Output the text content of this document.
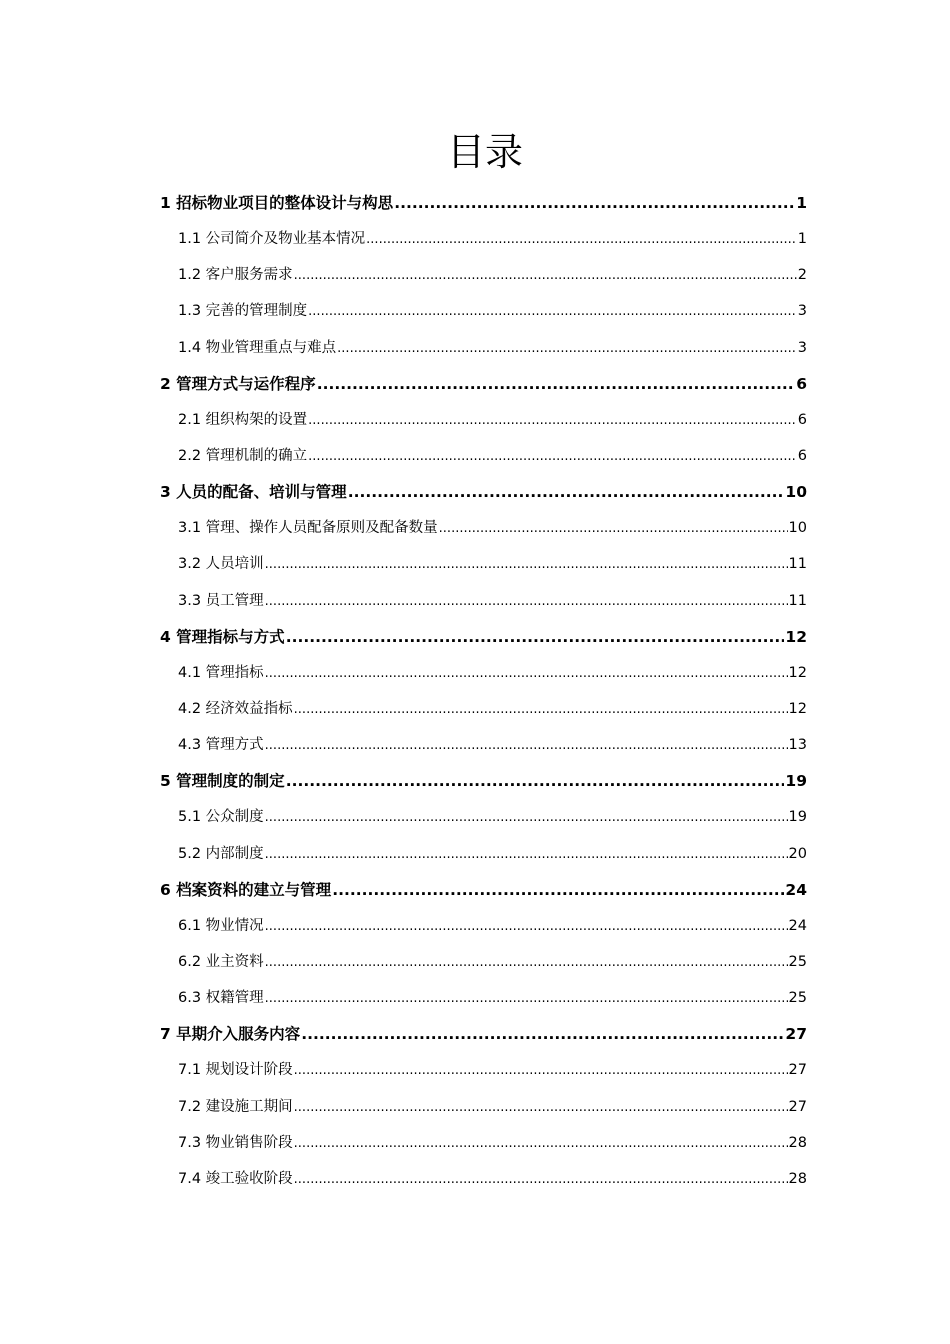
目录
1 招标物业项目的整体设计与构思 .....	1
1.1 公司简介及物业基本情况 .....	1
1.2 客户服务需求 .....	2
1.3 完善的管理制度 .....	3
1.4 物业管理重点与难点 .....	3
2 管理方式与运作程序 .....	6
2.1 组织构架的设置 .....	6
2.2 管理机制的确立 .....	6
3 人员的配备、培训与管理 .....	10
3.1 管理、操作人员配备原则及配备数量 .....	10
3.2 人员培训 .....	11
3.3 员工管理 .....	11
4 管理指标与方式 .....	12
4.1 管理指标 .....	12
4.2 经济效益指标 .....	12
4.3 管理方式 .....	13
5 管理制度的制定 .....	19
5.1 公众制度 .....	19
5.2 内部制度 .....	20
6 档案资料的建立与管理 .....	24
6.1 物业情况 .....	24
6.2 业主资料 .....	25
6.3 权籍管理 .....	25
7 早期介入服务内容 .....	27
7.1 规划设计阶段 .....	27
7.2 建设施工期间 .....	27
7.3 物业销售阶段 .....	28
7.4 竣工验收阶段 .....	28
